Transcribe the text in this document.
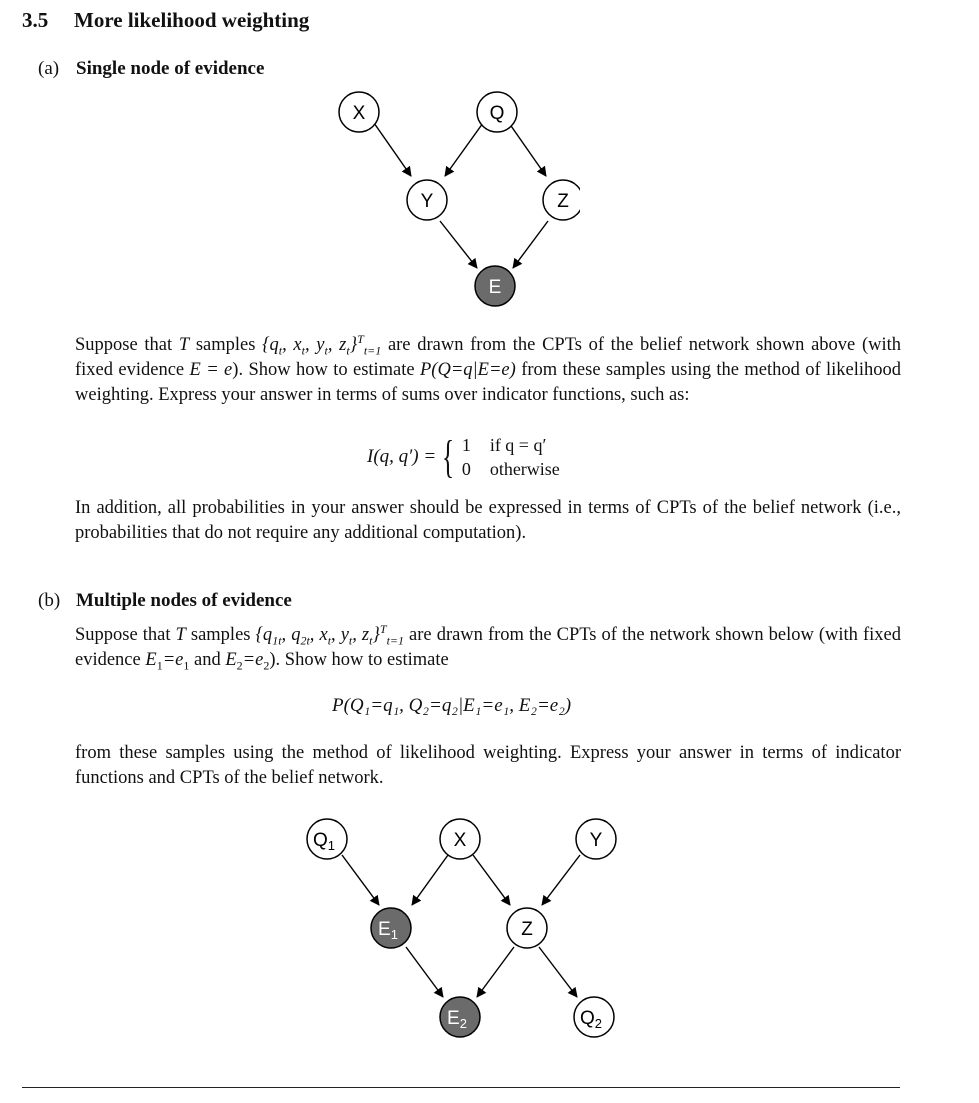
3.5 More likelihood weighting
(a) Single node of evidence
X	Q
Y	Z
E

Suppose that T samples {$q_t$, $x_t$, $y_t$, $z_t\}^T_{t=1}$ are drawn from the CPTs of the belief network shown above (with fixed evidence E = e). Show how to estimate P(Q=q|E=e) from these samples using the method of likelihood weighting. Express your answer in terms of sums over indicator functions, such as:

I(q, q′) = { 1 if q = q′
0 otherwise

In addition, all probabilities in your answer should be expressed in terms of CPTs of the belief network (i.e., probabilities that do not require any additional computation).

(b) Multiple nodes of evidence

Suppose that T samples {$q_{1t}$, $q_{2t}$, $x_t$, $y_t$, $z_t\}^T_{t=1}$ are drawn from the CPTs of the network shown below (with fixed evidence $E_1=e_1$ and $E_2=e_2$). Show how to estimate

P(Q₁=q₁, Q₂=q₂|E₁=e₁, E₂=e₂)

from these samples using the method of likelihood weighting. Express your answer in terms of indicator functions and CPTs of the belief network.

$Q_1$	X	Y
$E_1$	Z
$E_2$	$Q_2$
